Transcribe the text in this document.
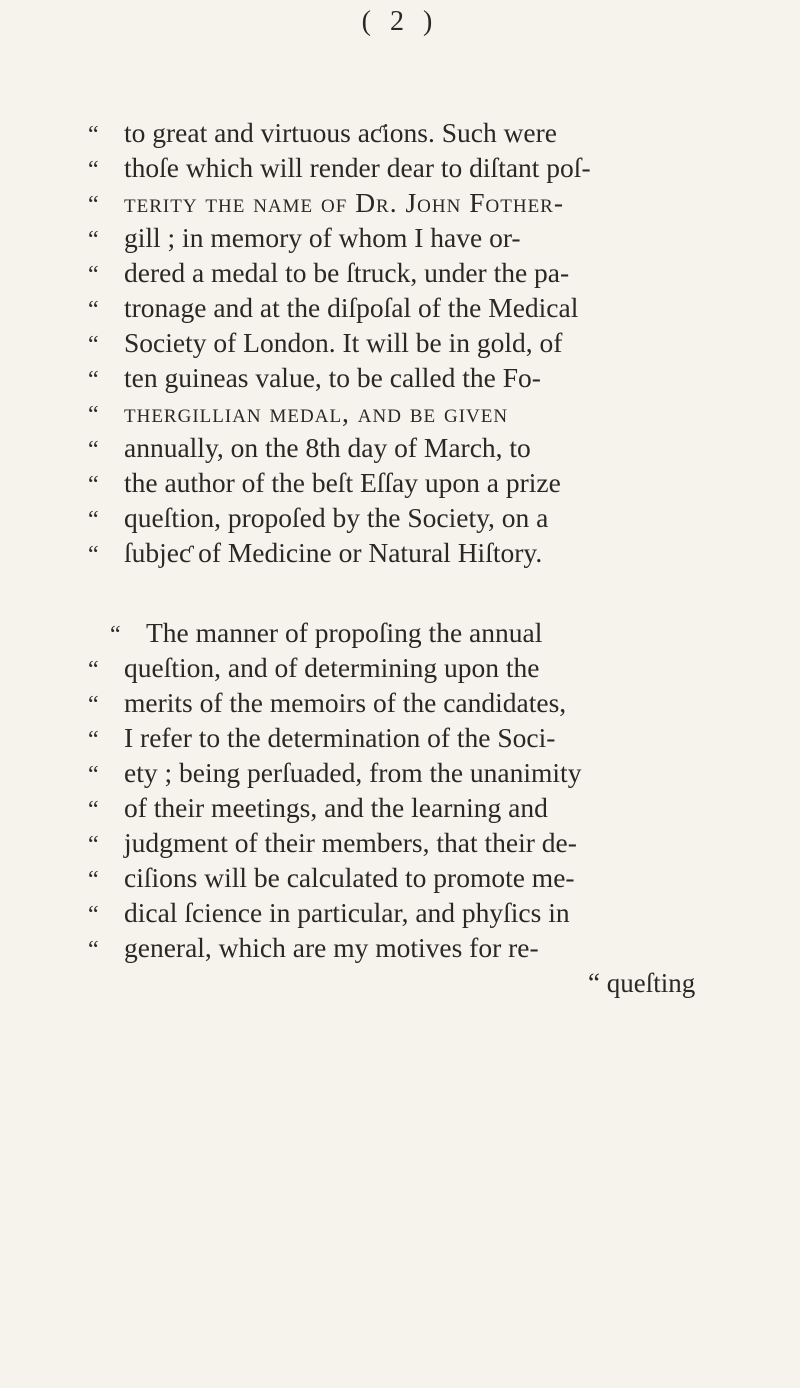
( 2 )
“ to great and virtuous aƈions. Such were
“ thoſe which will render dear to diſtant poſ-
“ terity the name of Dr. John Fother-
“ gill ; in memory of whom I have or-
“ dered a medal to be ſtruck, under the pa-
“ tronage and at the diſpoſal of the Medical
“ Society of London. It will be in gold, of
“ ten guineas value, to be called the Fo-
“ thergillian medal, and be given
“ annually, on the 8th day of March, to
“ the author of the beſt Eſſay upon a prize
“ queſtion, propoſed by the Society, on a
“ ſubjeƈ of Medicine or Natural Hiſtory.
“ The manner of propoſing the annual
“ queſtion, and of determining upon the
“ merits of the memoirs of the candidates,
“ I refer to the determination of the Soci-
“ ety ; being perſuaded, from the unanimity
“ of their meetings, and the learning and
“ judgment of their members, that their de-
“ ciſions will be calculated to promote me-
“ dical ſcience in particular, and phyſics in
“ general, which are my motives for re-
“ queſting
